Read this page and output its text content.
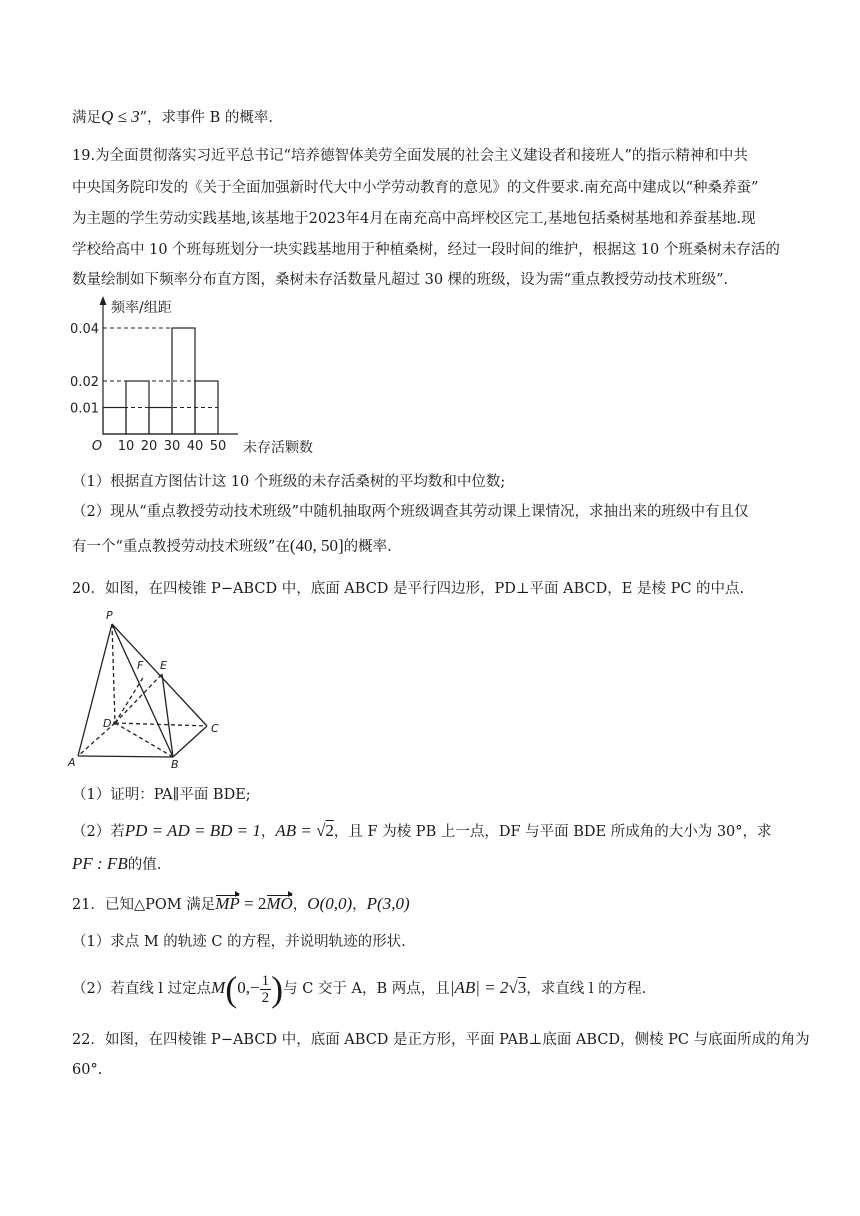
满足Q ≤ 3”，求事件 B 的概率.
19.为全面贯彻落实习近平总书记“培养德智体美劳全面发展的社会主义建设者和接班人”的指示精神和中共
中央国务院印发的《关于全面加强新时代大中小学劳动教育的意见》的文件要求.南充高中建成以“种桑养蚕”
为主题的学生劳动实践基地,该基地于2023年4月在南充高中高坪校区完工,基地包括桑树基地和养蚕基地.现
学校给高中 10 个班每班划分一块实践基地用于种植桑树，经过一段时间的维护，根据这 10 个班桑树未存活的
数量绘制如下频率分布直方图，桑树未存活数量凡超过 30 棵的班级，设为需“重点教授劳动技术班级”.
频率/组距
0.01
0.02
0.04
O 10 20 30 40 50 未存活颗数
（1）根据直方图估计这 10 个班级的未存活桑树的平均数和中位数;
（2）现从“重点教授劳动技术班级”中随机抽取两个班级调查其劳动课上课情况，求抽出来的班级中有且仅
有一个“重点教授劳动技术班级”在(40, 50]的概率.
20．如图，在四棱锥 P−ABCD 中，底面 ABCD 是平行四边形，PD⊥平面 ABCD，E 是棱 PC 的中点.
P
F E
D	C
A	B
（1）证明：PA∥平面 BDE;
（2）若PD = AD = BD = 1，AB = √2，且 F 为棱 PB 上一点，DF 与平面 BDE 所成角的大小为 30°，求
PF : FB的值.
21．已知△POM 满足MP = 2MO，O(0,0)，P(3,0)
（1）求点 M 的轨迹 C 的方程，并说明轨迹的形状.
（2）若直线 l 过定点$M(0,- \frac{1}{2}$ )与 C 交于 A，B 两点，且|AB| = 2√3，求直线 l 的方程.
22．如图，在四棱锥 P−ABCD 中，底面 ABCD 是正方形，平面 PAB⊥底面 ABCD，侧棱 PC 与底面所成的角为
60°.
